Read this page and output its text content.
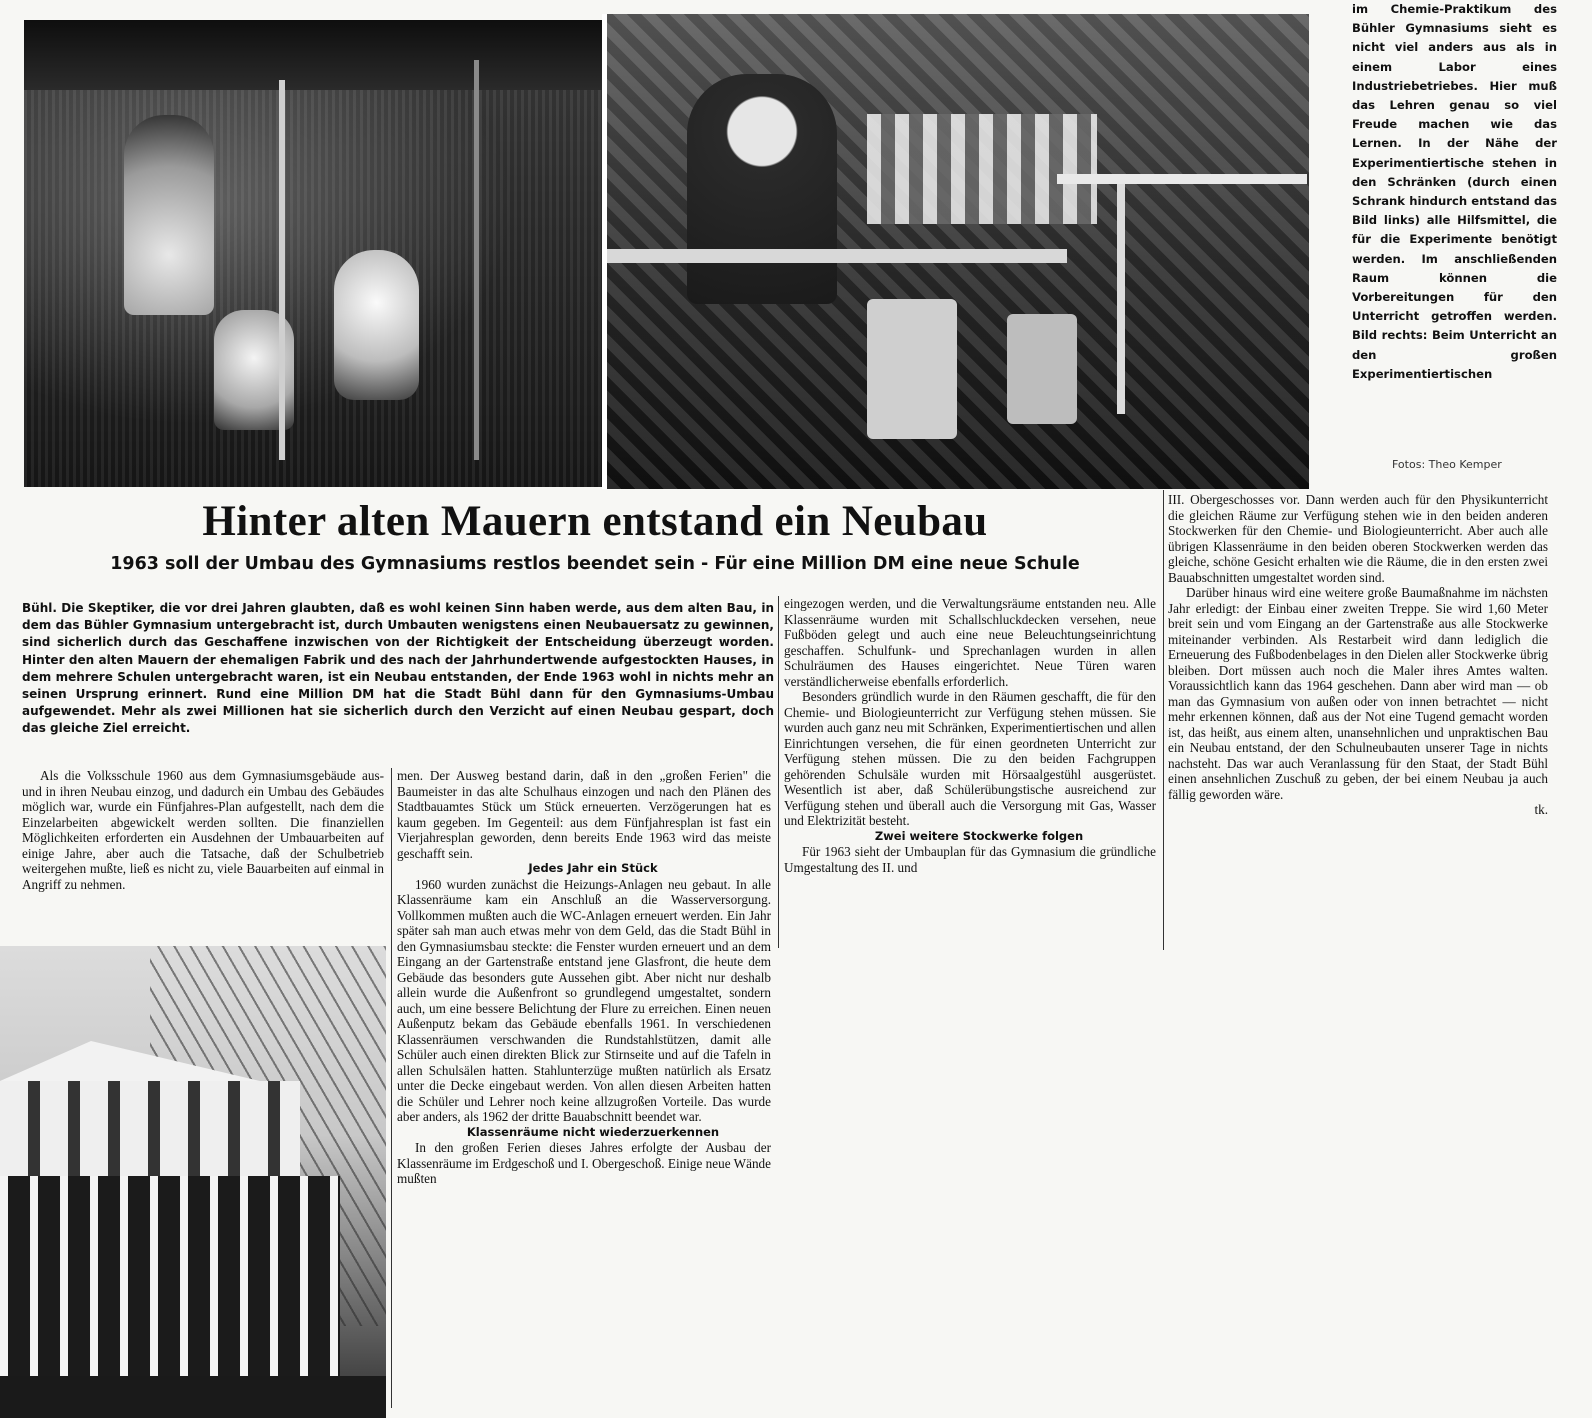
im Chemie-Praktikum des Bühler Gymnasiums sieht es nicht viel anders aus als in einem Labor eines Industriebetriebes. Hier muß das Lehren genau so viel Freude machen wie das Lernen. In der Nähe der Experimentiertische stehen in den Schränken (durch einen Schrank hindurch entstand das Bild links) alle Hilfsmittel, die für die Experimente benötigt werden. Im anschließenden Raum können die Vorbereitungen für den Unterricht getroffen werden. Bild rechts: Beim Unterricht an den großen Experimentiertischen
Fotos: Theo Kemper
Hinter alten Mauern entstand ein Neubau
1963 soll der Umbau des Gymnasiums restlos beendet sein - Für eine Million DM eine neue Schule
Bühl. Die Skeptiker, die vor drei Jahren glaubten, daß es wohl keinen Sinn haben werde, aus dem alten Bau, in dem das Bühler Gymnasium untergebracht ist, durch Umbauten wenigstens einen Neubauersatz zu gewinnen, sind sicherlich durch das Geschaffene inzwischen von der Richtigkeit der Entscheidung überzeugt worden. Hinter den alten Mauern der ehemaligen Fabrik und des nach der Jahrhundertwende aufgestockten Hauses, in dem mehrere Schulen untergebracht waren, ist ein Neubau entstanden, der Ende 1963 wohl in nichts mehr an seinen Ursprung erinnert. Rund eine Million DM hat die Stadt Bühl dann für den Gymnasiums-Umbau aufgewendet. Mehr als zwei Millionen hat sie sicherlich durch den Verzicht auf einen Neubau gespart, doch das gleiche Ziel erreicht.

Als die Volksschule 1960 aus dem Gymnasiumsgebäude aus- und in ihren Neubau einzog, und dadurch ein Umbau des Gebäudes möglich war, wurde ein Fünfjahres-Plan aufgestellt, nach dem die Einzelarbeiten abgewickelt werden sollten. Die finanziellen Möglichkeiten erforderten ein Ausdehnen der Umbauarbeiten auf einige Jahre, aber auch die Tatsache, daß der Schulbetrieb weitergehen mußte, ließ es nicht zu, viele Bauarbeiten auf einmal in Angriff zu nehmen.

men. Der Ausweg bestand darin, daß in den „großen Ferien" die Baumeister in das alte Schulhaus einzogen und nach den Plänen des Stadtbauamtes Stück um Stück erneuerten. Verzögerungen hat es kaum gegeben. Im Gegenteil: aus dem Fünfjahresplan ist fast ein Vierjahresplan geworden, denn bereits Ende 1963 wird das meiste geschafft sein.

Jedes Jahr ein Stück

1960 wurden zunächst die Heizungs-Anlagen neu gebaut. In alle Klassenräume kam ein Anschluß an die Wasserversorgung. Vollkommen mußten auch die WC-Anlagen erneuert werden. Ein Jahr später sah man auch etwas mehr von dem Geld, das die Stadt Bühl in den Gymnasiumsbau steckte: die Fenster wurden erneuert und an dem Eingang an der Gartenstraße entstand jene Glasfront, die heute dem Gebäude das besonders gute Aussehen gibt. Aber nicht nur deshalb allein wurde die Außenfront so grundlegend umgestaltet, sondern auch, um eine bessere Belichtung der Flure zu erreichen. Einen neuen Außenputz bekam das Gebäude ebenfalls 1961. In verschiedenen Klassenräumen verschwanden die Rundstahlstützen, damit alle Schüler auch einen direkten Blick zur Stirnseite und auf die Tafeln in allen Schulsälen hatten. Stahlunterzüge mußten natürlich als Ersatz unter die Decke eingebaut werden. Von allen diesen Arbeiten hatten die Schüler und Lehrer noch keine allzugroßen Vorteile. Das wurde aber anders, als 1962 der dritte Bauabschnitt beendet war.

Klassenräume nicht wiederzuerkennen

In den großen Ferien dieses Jahres erfolgte der Ausbau der Klassenräume im Erdgeschoß und I. Obergeschoß. Einige neue Wände mußten

eingezogen werden, und die Verwaltungsräume entstanden neu. Alle Klassenräume wurden mit Schallschluckdecken versehen, neue Fußböden gelegt und auch eine neue Beleuchtungseinrichtung geschaffen. Schulfunk- und Sprechanlagen wurden in allen Schulräumen des Hauses eingerichtet. Neue Türen waren verständlicherweise ebenfalls erforderlich.

Besonders gründlich wurde in den Räumen geschafft, die für den Chemie- und Biologieunterricht zur Verfügung stehen müssen. Sie wurden auch ganz neu mit Schränken, Experimentiertischen und allen Einrichtungen versehen, die für einen geordneten Unterricht zur Verfügung stehen müssen. Die zu den beiden Fachgruppen gehörenden Schulsäle wurden mit Hörsaalgestühl ausgerüstet. Wesentlich ist aber, daß Schülerübungstische ausreichend zur Verfügung stehen und überall auch die Versorgung mit Gas, Wasser und Elektrizität besteht.

Zwei weitere Stockwerke folgen

Für 1963 sieht der Umbauplan für das Gymnasium die gründliche Umgestaltung des II. und

III. Obergeschosses vor. Dann werden auch für den Physikunterricht die gleichen Räume zur Verfügung stehen wie in den beiden anderen Stockwerken für den Chemie- und Biologieunterricht. Aber auch alle übrigen Klassenräume in den beiden oberen Stockwerken werden das gleiche, schöne Gesicht erhalten wie die Räume, die in den ersten zwei Bauabschnitten umgestaltet worden sind.

Darüber hinaus wird eine weitere große Baumaßnahme im nächsten Jahr erledigt: der Einbau einer zweiten Treppe. Sie wird 1,60 Meter breit sein und vom Eingang an der Gartenstraße aus alle Stockwerke miteinander verbinden. Als Restarbeit wird dann lediglich die Erneuerung des Fußbodenbelages in den Dielen aller Stockwerke übrig bleiben. Dort müssen auch noch die Maler ihres Amtes walten. Voraussichtlich kann das 1964 geschehen. Dann aber wird man — ob man das Gymnasium von außen oder von innen betrachtet — nicht mehr erkennen können, daß aus der Not eine Tugend gemacht worden ist, das heißt, aus einem alten, unansehnlichen und unpraktischen Bau ein Neubau entstand, der den Schulneubauten unserer Tage in nichts nachsteht. Das war auch Veranlassung für den Staat, der Stadt Bühl einen ansehnlichen Zuschuß zu geben, der bei einem Neubau ja auch fällig geworden wäre.

tk.
